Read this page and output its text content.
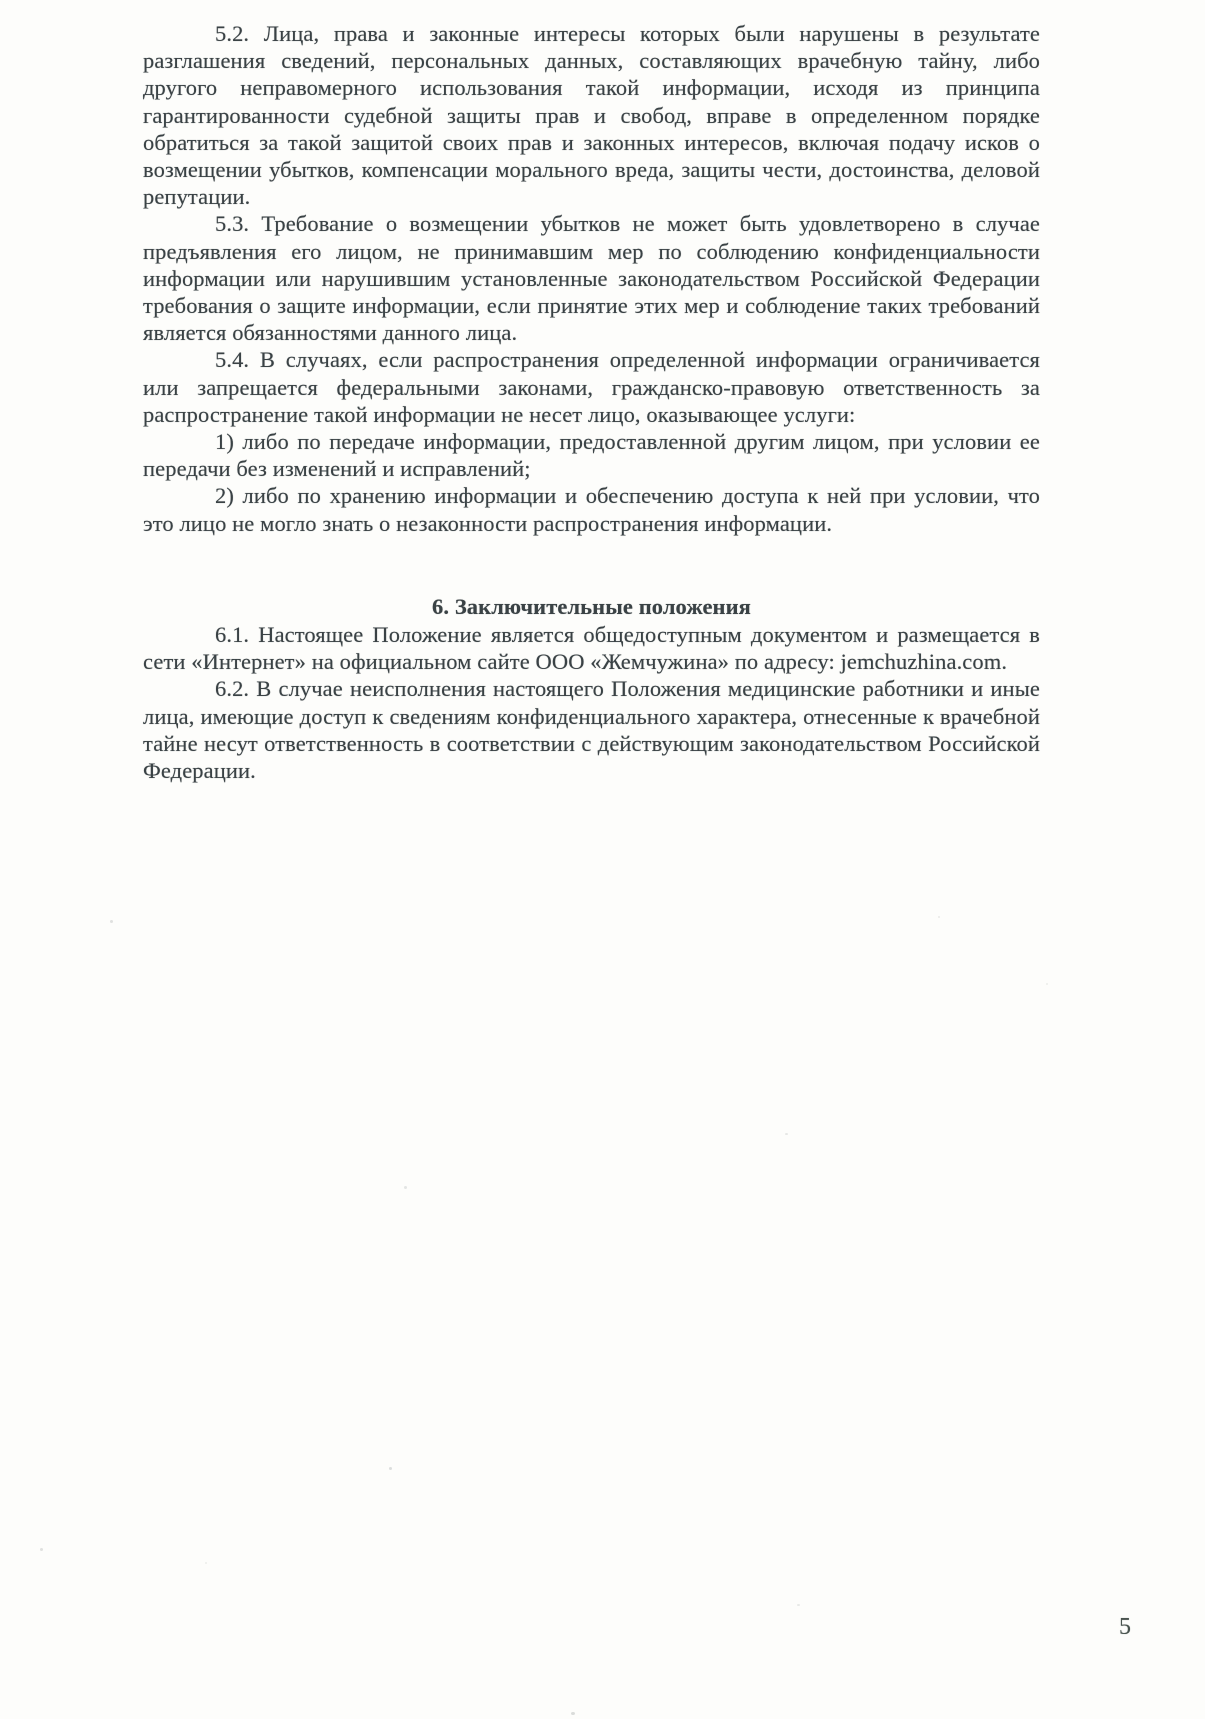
5.2. Лица, права и законные интересы которых были нарушены в результате разглашения сведений, персональных данных, составляющих врачебную тайну, либо другого неправомерного использования такой информации, исходя из принципа гарантированности судебной защиты прав и свобод, вправе в определенном порядке обратиться за такой защитой своих прав и законных интересов, включая подачу исков о возмещении убытков, компенсации морального вреда, защиты чести, достоинства, деловой репутации.

5.3. Требование о возмещении убытков не может быть удовлетворено в случае предъявления его лицом, не принимавшим мер по соблюдению конфиденциальности информации или нарушившим установленные законодательством Российской Федерации требования о защите информации, если принятие этих мер и соблюдение таких требований является обязанностями данного лица.

5.4. В случаях, если распространения определенной информации ограничивается или запрещается федеральными законами, гражданско-правовую ответственность за распространение такой информации не несет лицо, оказывающее услуги:

1) либо по передаче информации, предоставленной другим лицом, при условии ее передачи без изменений и исправлений;

2) либо по хранению информации и обеспечению доступа к ней при условии, что это лицо не могло знать о незаконности распространения информации.

6. Заключительные положения

6.1. Настоящее Положение является общедоступным документом и размещается в сети «Интернет» на официальном сайте ООО «Жемчужина» по адресу: jemchuzhina.com.

6.2. В случае неисполнения настоящего Положения медицинские работники и иные лица, имеющие доступ к сведениям конфиденциального характера, отнесенные к врачебной тайне несут ответственность в соответствии с действующим законодательством Российской Федерации.

5
